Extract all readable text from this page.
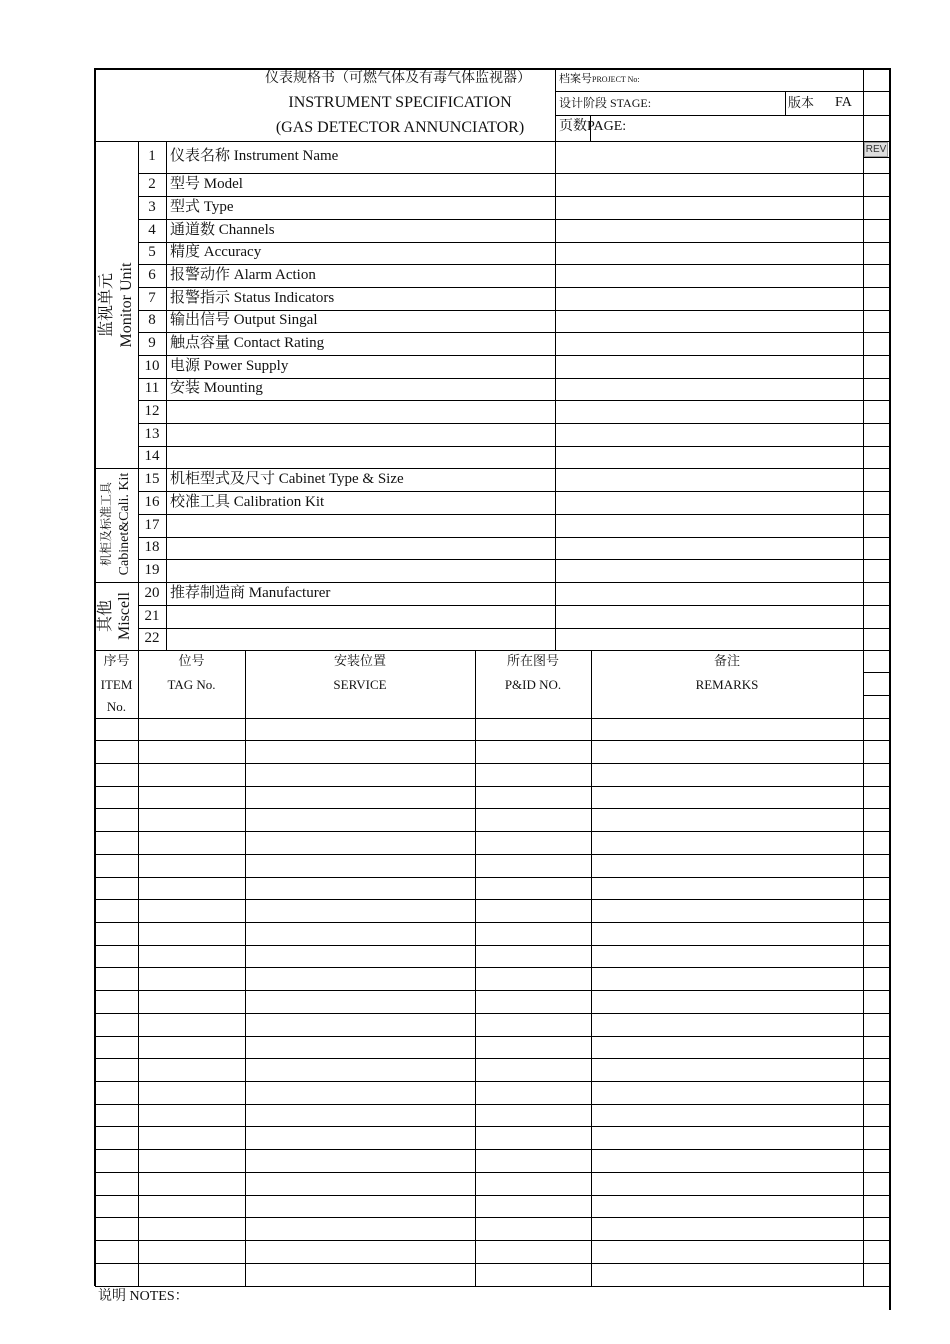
仪表规格书（可燃气体及有毒气体监视器）
INSTRUMENT SPECIFICATION
(GAS DETECTOR ANNUNCIATOR)
档案号PROJECT No:
设计阶段 STAGE:	版本 FA
页数PAGE:
REV
1 仪表名称 Instrument Name
2 型号 Model
3 型式 Type
4 通道数 Channels
5 精度 Accuracy
6 报警动作 Alarm Action
7 报警指示 Status Indicators
8 输出信号 Output Singal
9 触点容量 Contact Rating
10 电源 Power Supply
11 安装 Mounting
12
13
14
15 机柜型式及尺寸 Cabinet Type & Size
16 校准工具 Calibration Kit
17
18
19
20 推荐制造商 Manufacturer
21
22
监视单元 Monitor Unit
机柜及标准工具 Cabinet&Cali. Kit
其他 Miscell
序号
ITEM
No.
位号
TAG No.
安装位置
SERVICE
所在图号
P&ID NO.
备注
REMARKS
说明 NOTES：
